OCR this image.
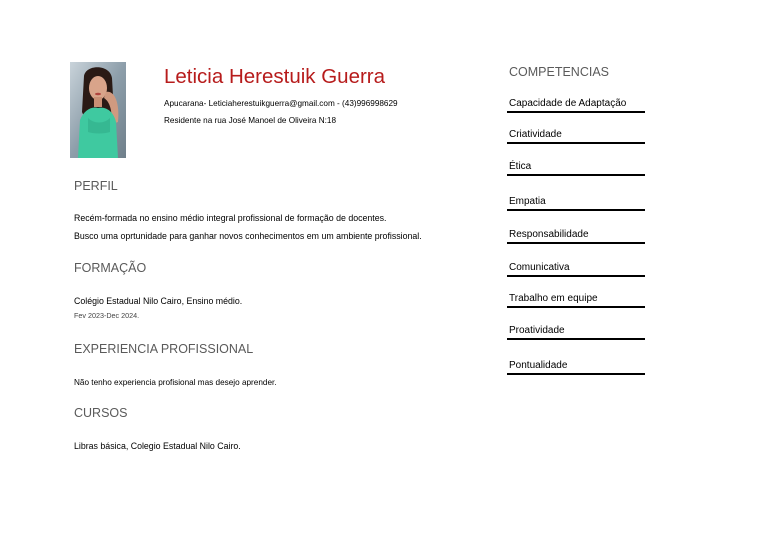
Leticia Herestuik Guerra
Apucarana- Leticiaherestuikguerra@gmail.com - (43)996998629
Residente na rua José Manoel de Oliveira N:18
PERFIL
Recém-formada no ensino médio integral profissional de formação de docentes.
Busco uma oprtunidade para ganhar novos conhecimentos em um ambiente profissional.
FORMAÇÃO
Colégio Estadual Nilo Cairo, Ensino médio.
Fev 2023-Dec 2024.
EXPERIENCIA PROFISSIONAL
Não tenho experiencia profisional mas desejo aprender.
CURSOS
Libras básica, Colegio Estadual Nilo Cairo.
COMPETENCIAS
Capacidade de Adaptação
Criatividade
Ética
Empatia
Responsabilidade
Comunicativa
Trabalho em equipe
Proatividade
Pontualidade
